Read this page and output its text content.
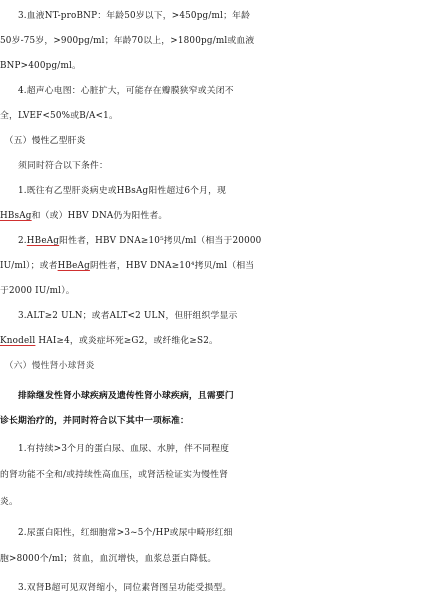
　　3.血液NT-proBNP：年龄50岁以下，>450pg/ml；年龄
50岁-75岁，>900pg/ml；年龄70以上，>1800pg/ml或血液
BNP>400pg/ml。
　　4.超声心电图：心脏扩大，可能存在瓣膜狭窄或关闭不
全，LVEF<50%或B/A<1。
　（五）慢性乙型肝炎
　　须同时符合以下条件：
　　1.既往有乙型肝炎病史或HBsAg阳性超过6个月，现
HBsAg和（或）HBV DNA仍为阳性者。
　　2.HBeAg阳性者，HBV DNA≥10⁵拷贝/ml（相当于20000
IU/ml）；或者HBeAg阴性者，HBV DNA≥10⁴拷贝/ml（相当
于2000 IU/ml）。
　　3.ALT≥2 ULN；或者ALT<2 ULN，但肝组织学显示
Knodell HAI≥4，或炎症坏死≥G2，或纤维化≥S2。
　（六）慢性肾小球肾炎
　　排除继发性肾小球疾病及遗传性肾小球疾病，且需要门
诊长期治疗的，并同时符合以下其中一项标准：
　　1.有持续>3个月的蛋白尿、血尿、水肿，伴不同程度
的肾功能不全和/或持续性高血压，或肾活检证实为慢性肾
炎。
　　2.尿蛋白阳性，红细胞常>3~5个/HP或尿中畸形红细
胞>8000个/ml；贫血，血沉增快，血浆总蛋白降低。
　　3.双肾B超可见双肾缩小，同位素肾图呈功能受损型。
